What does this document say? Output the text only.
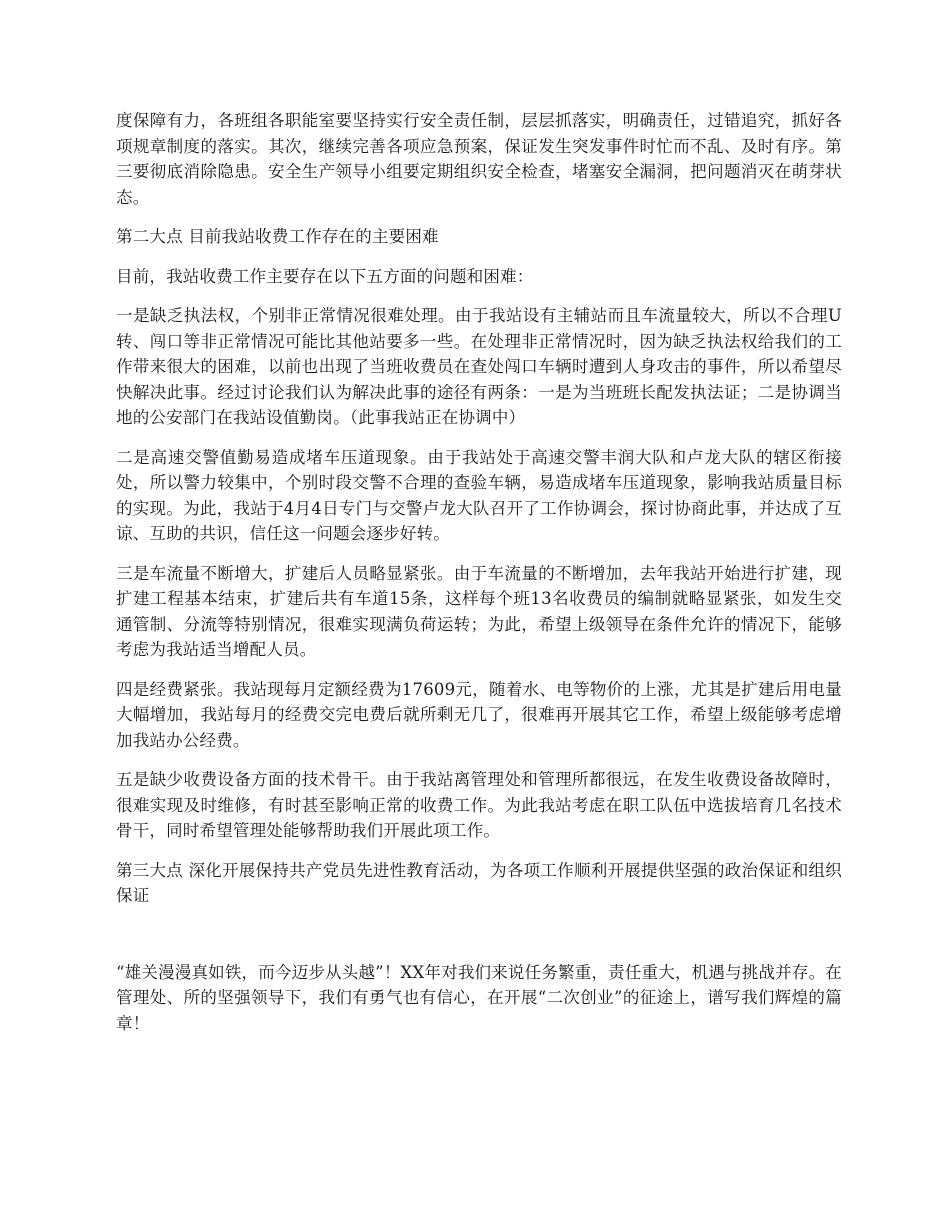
度保障有力，各班组各职能室要坚持实行安全责任制，层层抓落实，明确责任，过错追究，抓好各项规章制度的落实。其次，继续完善各项应急预案，保证发生突发事件时忙而不乱、及时有序。第三要彻底消除隐患。安全生产领导小组要定期组织安全检查，堵塞安全漏洞，把问题消灭在萌芽状态。

第二大点 目前我站收费工作存在的主要困难

目前，我站收费工作主要存在以下五方面的问题和困难：

一是缺乏执法权，个别非正常情况很难处理。由于我站设有主辅站而且车流量较大，所以不合理U转、闯口等非正常情况可能比其他站要多一些。在处理非正常情况时，因为缺乏执法权给我们的工作带来很大的困难，以前也出现了当班收费员在查处闯口车辆时遭到人身攻击的事件，所以希望尽快解决此事。经过讨论我们认为解决此事的途径有两条：一是为当班班长配发执法证；二是协调当地的公安部门在我站设值勤岗。（此事我站正在协调中）

二是高速交警值勤易造成堵车压道现象。由于我站处于高速交警丰润大队和卢龙大队的辖区衔接处，所以警力较集中，个别时段交警不合理的查验车辆，易造成堵车压道现象，影响我站质量目标的实现。为此，我站于4月4日专门与交警卢龙大队召开了工作协调会，探讨协商此事，并达成了互谅、互助的共识，信任这一问题会逐步好转。

三是车流量不断增大，扩建后人员略显紧张。由于车流量的不断增加，去年我站开始进行扩建，现扩建工程基本结束，扩建后共有车道15条，这样每个班13名收费员的编制就略显紧张，如发生交通管制、分流等特别情况，很难实现满负荷运转；为此，希望上级领导在条件允许的情况下，能够考虑为我站适当增配人员。

四是经费紧张。我站现每月定额经费为17609元，随着水、电等物价的上涨，尤其是扩建后用电量大幅增加，我站每月的经费交完电费后就所剩无几了，很难再开展其它工作，希望上级能够考虑增加我站办公经费。

五是缺少收费设备方面的技术骨干。由于我站离管理处和管理所都很远，在发生收费设备故障时，很难实现及时维修，有时甚至影响正常的收费工作。为此我站考虑在职工队伍中选拔培育几名技术骨干，同时希望管理处能够帮助我们开展此项工作。

第三大点 深化开展保持共产党员先进性教育活动，为各项工作顺利开展提供坚强的政治保证和组织保证

“雄关漫漫真如铁，而今迈步从头越”！XX年对我们来说任务繁重，责任重大，机遇与挑战并存。在管理处、所的坚强领导下，我们有勇气也有信心，在开展“二次创业”的征途上，谱写我们辉煌的篇章！
